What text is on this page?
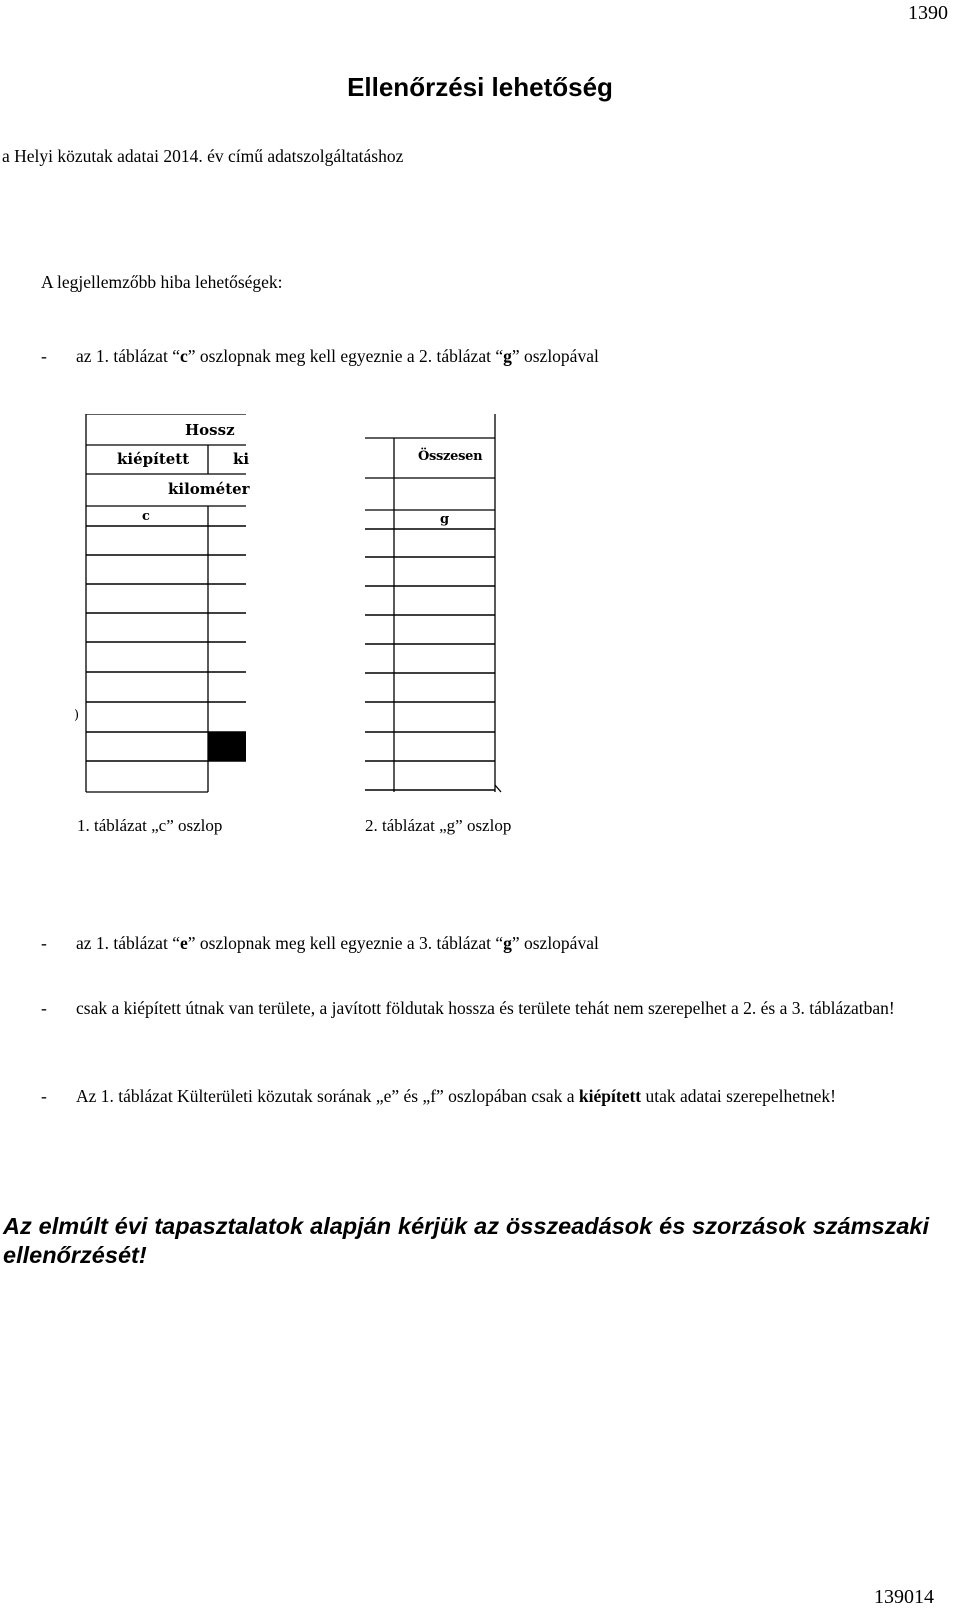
1390
Ellenőrzési lehetőség
a Helyi közutak adatai 2014. év című adatszolgáltatáshoz
A legjellemzőbb hiba lehetőségek:
- az 1. táblázat “c” oszlopnak meg kell egyeznie a 2. táblázat “g” oszlopával
Hossz
kiépített	ki
kilométer
c
)
Összesen
g
1. táblázat „c” oszlop	2. táblázat „g” oszlop
- az 1. táblázat “e” oszlopnak meg kell egyeznie a 3. táblázat “g” oszlopával
- csak a kiépített útnak van területe, a javított földutak hossza és területe tehát nem szerepelhet a 2. és a 3. táblázatban!
- Az 1. táblázat Külterületi közutak sorának „e” és „f” oszlopában csak a kiépített utak adatai szerepelhetnek!
Az elmúlt évi tapasztalatok alapján kérjük az összeadások és szorzások számszaki ellenőrzését!
139014
